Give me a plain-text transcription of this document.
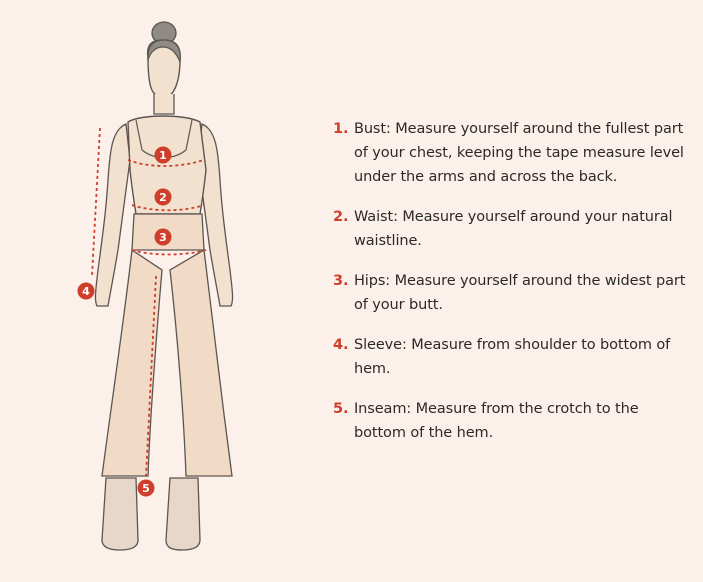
1
2
3
4
5
1. Bust: Measure yourself around the fullest part of your chest, keeping the tape measure level under the arms and across the back.
2. Waist: Measure yourself around your natural waistline.
3. Hips: Measure yourself around the widest part of your butt.
4. Sleeve: Measure from shoulder to bottom of hem.
5. Inseam: Measure from the crotch to the bottom of the hem.
